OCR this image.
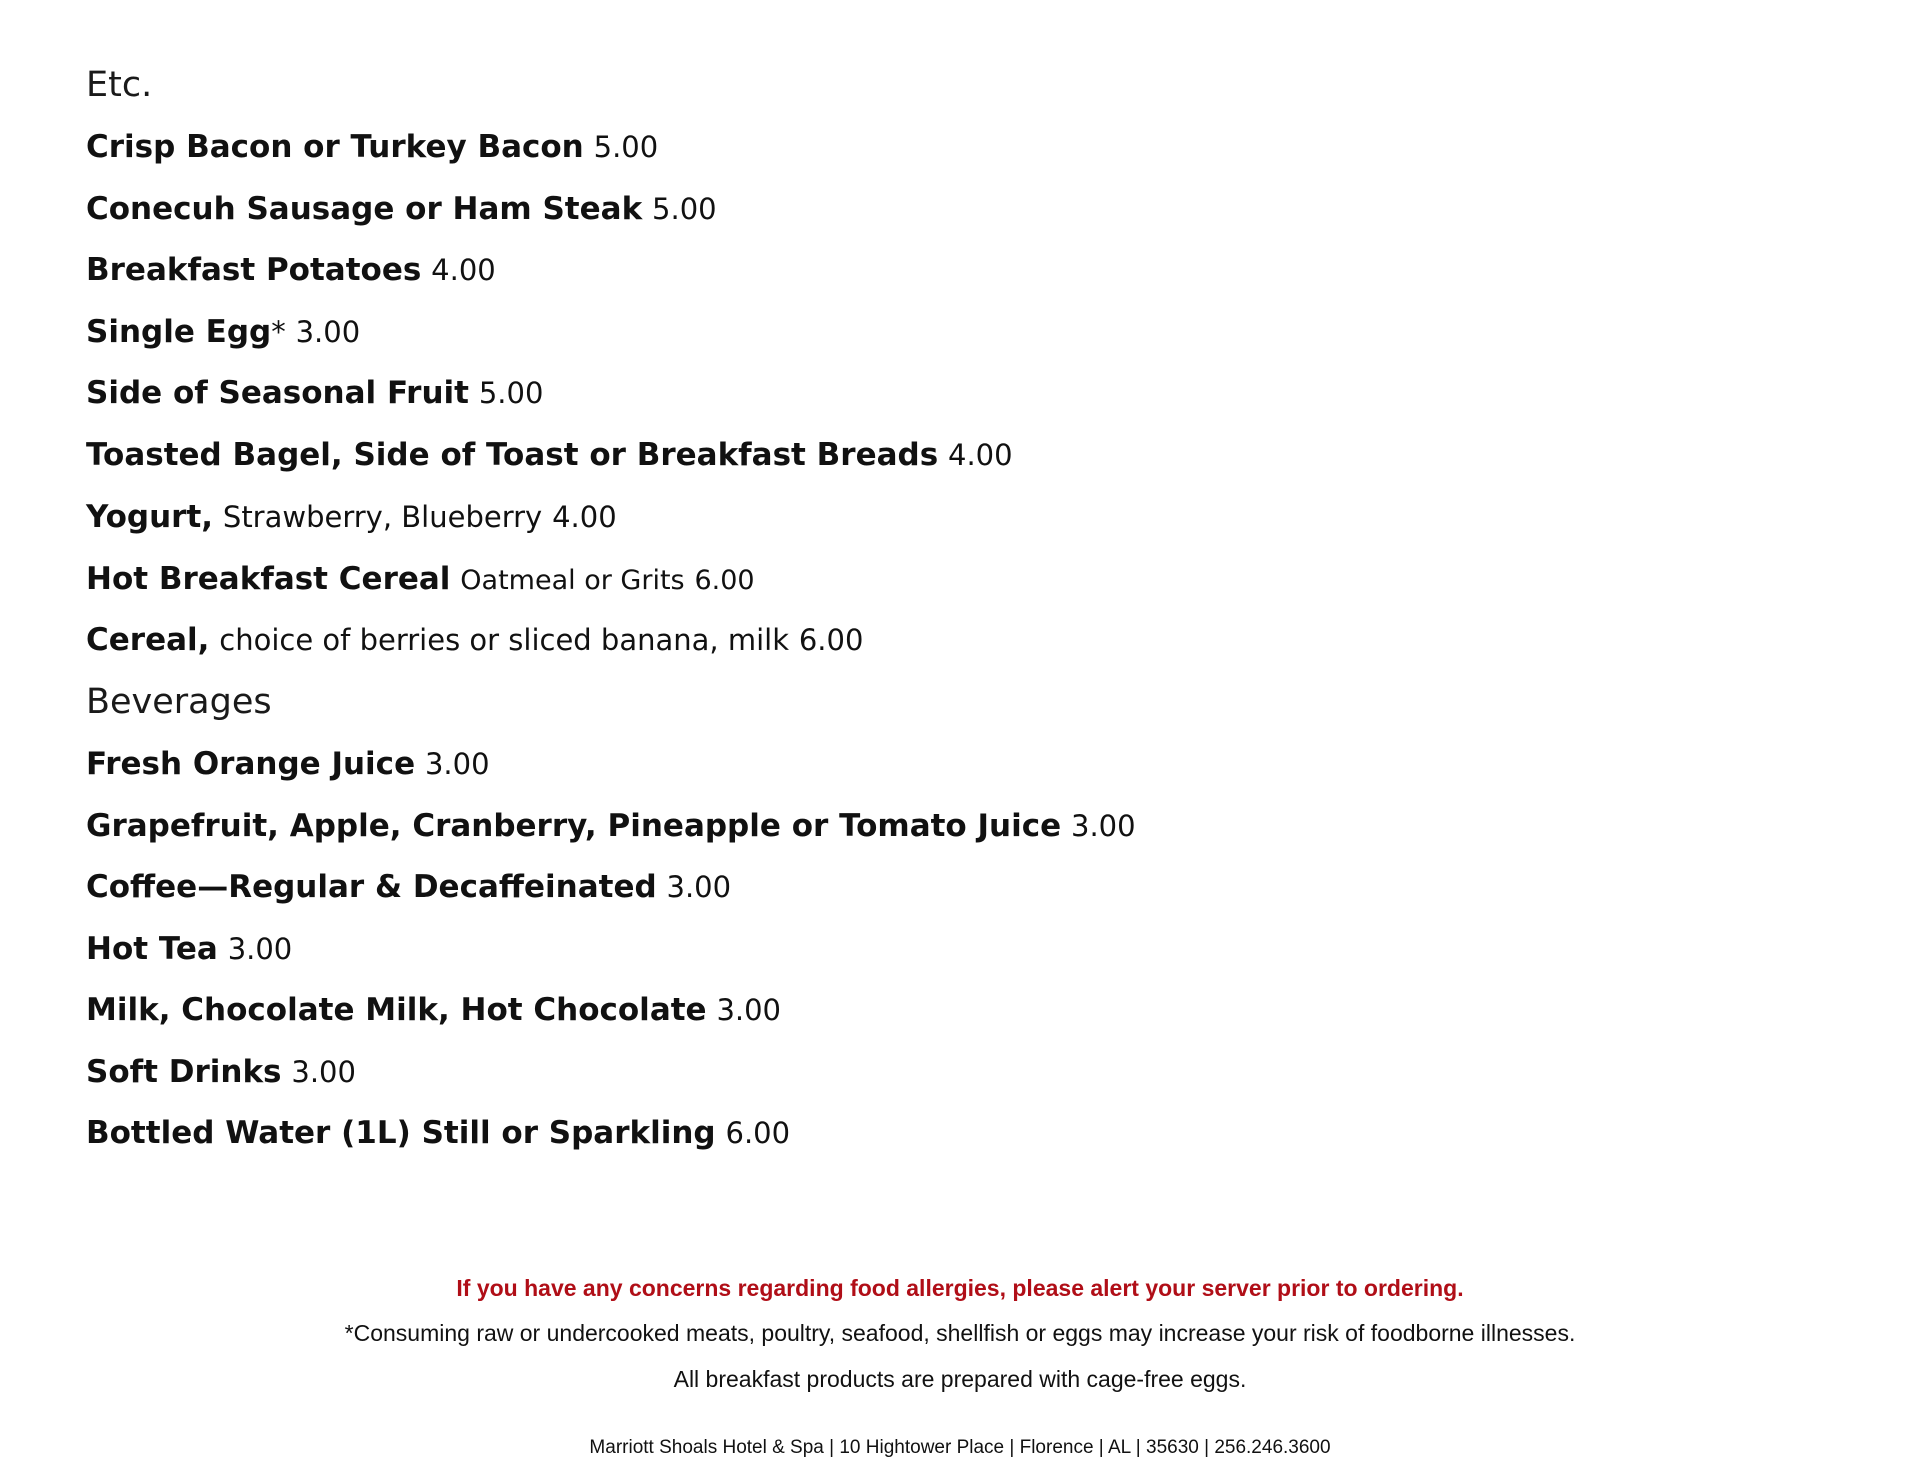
Etc.
Crisp Bacon or Turkey Bacon 5.00
Conecuh Sausage or Ham Steak 5.00
Breakfast Potatoes 4.00
Single Egg* 3.00
Side of Seasonal Fruit 5.00
Toasted Bagel, Side of Toast or Breakfast Breads 4.00
Yogurt, Strawberry, Blueberry 4.00
Hot Breakfast Cereal Oatmeal or Grits 6.00
Cereal, choice of berries or sliced banana, milk 6.00
Beverages
Fresh Orange Juice 3.00
Grapefruit, Apple, Cranberry, Pineapple or Tomato Juice 3.00
Coffee—Regular & Decaffeinated 3.00
Hot Tea 3.00
Milk, Chocolate Milk, Hot Chocolate 3.00
Soft Drinks 3.00
Bottled Water (1L) Still or Sparkling 6.00
If you have any concerns regarding food allergies, please alert your server prior to ordering.
*Consuming raw or undercooked meats, poultry, seafood, shellfish or eggs may increase your risk of foodborne illnesses.
All breakfast products are prepared with cage-free eggs.
Marriott Shoals Hotel & Spa | 10 Hightower Place | Florence | AL | 35630 | 256.246.3600
